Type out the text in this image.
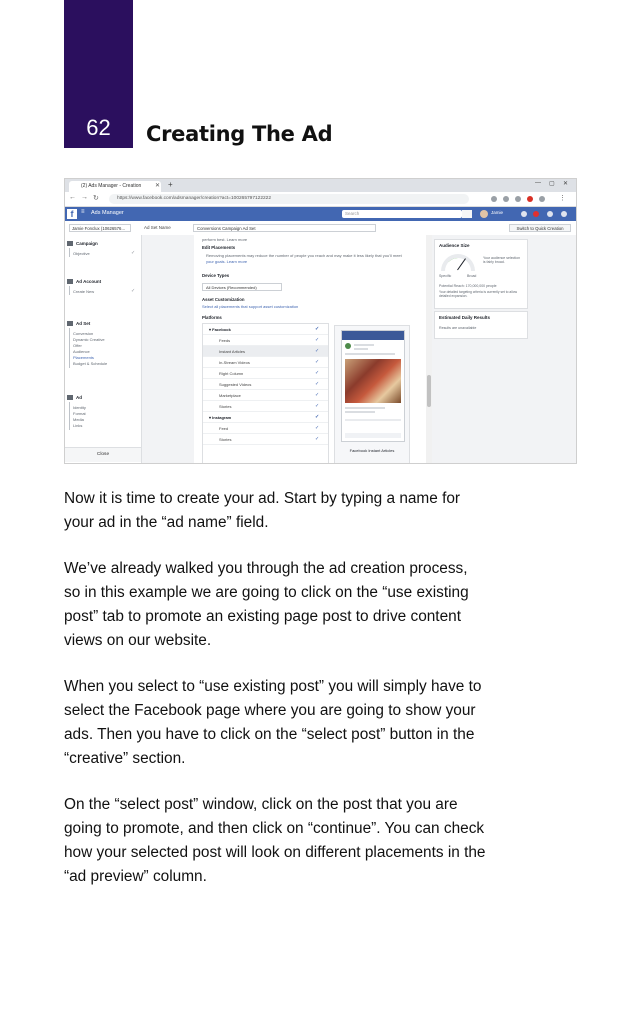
62	Creating The Ad
(2) Ads Manager - Creation	✕ +	— ▢ ✕
← → ↻	https://www.facebook.com/adsmanager/creation?act=100265797122222	⋮
f	≡ Ads Manager	Search	Jamie
Jamie Fonclux (10626576...	Ad Set Name	Conversions Campaign Ad Set	Switch to Quick Creation
Campaign
Objective	✓
Ad Account
Create New	✓
Ad Set
Conversion
Dynamic Creative
Offer
Audience
Placements
Budget & Schedule
Ad
Identity
Format
Media
Links
Close
perform best. Learn more
Edit Placements
Removing placements may reduce the number of people you reach and may make it less likely that you'll meet
your goals. Learn more
Device Types
All Devices (Recommended)
Asset Customization
Select all placements that support asset customization
Platforms
▾ Facebook	✓
Feeds	✓
Instant Articles	✓
In-Stream Videos	✓
Right Column	✓
Suggested Videos	✓
Marketplace	✓
Stories	✓
▾ Instagram	✓
Feed	✓
Stories	✓
Facebook Instant Articles
Audience Size
Specific	Broad
Your audience selection is fairly broad.
Potential Reach: 170,000,000 people
Your detailed targeting criteria is currently set to allow detailed expansion.
Estimated Daily Results
Results are unavailable

Now it is time to create your ad. Start by typing a name for
your ad in the “ad name” field.

We’ve already walked you through the ad creation process,
so in this example we are going to click on the “use existing
post” tab to promote an existing page post to drive content
views on our website.

When you select to “use existing post” you will simply have to
select the Facebook page where you are going to show your
ads. Then you have to click on the “select post” button in the
“creative” section.

On the “select post” window, click on the post that you are
going to promote, and then click on “continue”. You can check
how your selected post will look on different placements in the
“ad preview” column.
